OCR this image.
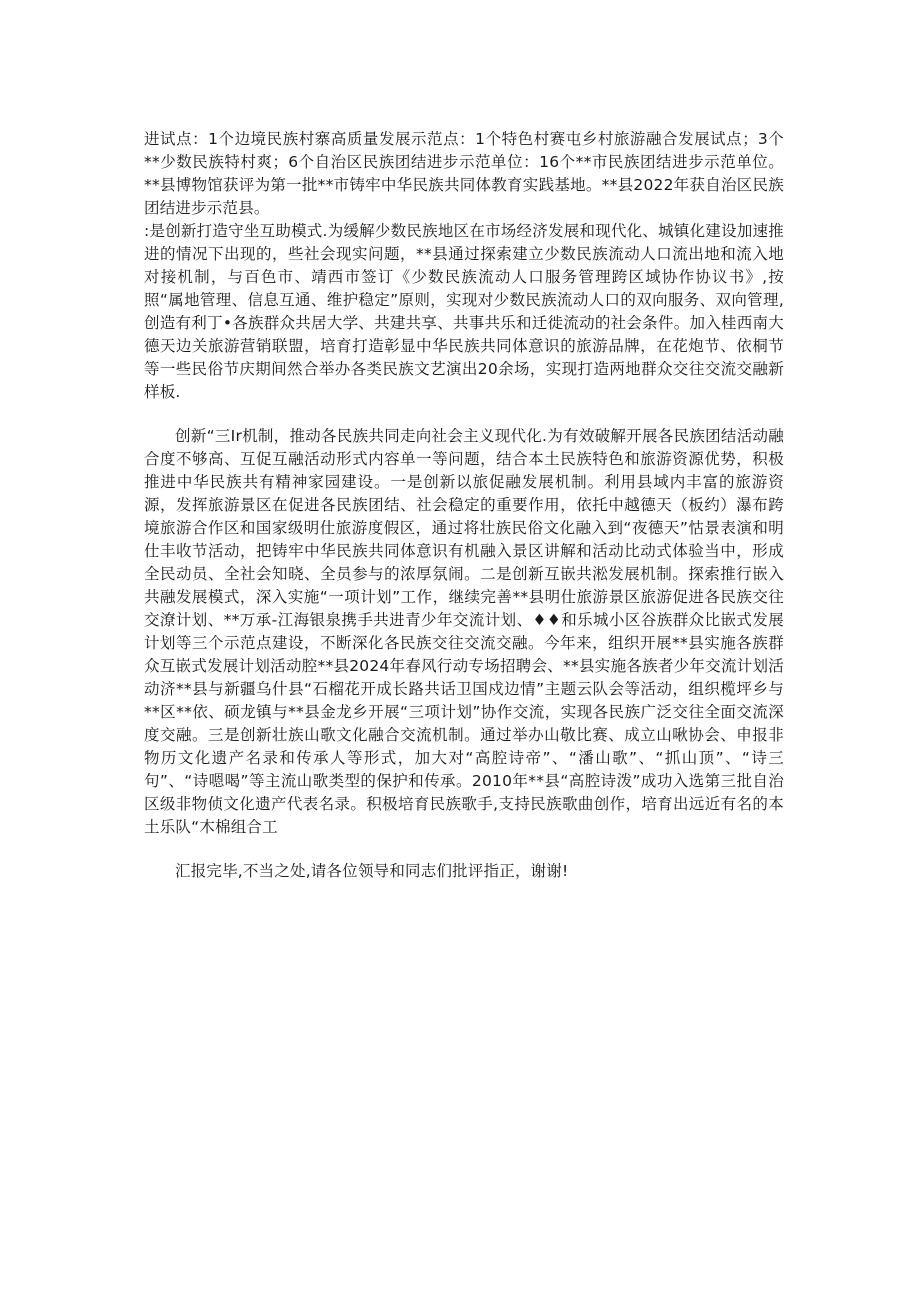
进试点：1个边境民族村寨高质量发展示范点：1个特色村赛屯乡村旅游融合发展试点；3个**少数民族特村爽；6个自治区民族团结进步示范单位：16个**市民族团结进步示范单位。**县博物馆获评为第一批**市铸牢中华民族共同体教育实践基地。**县2022年获自治区民族团结进步示范县。

:是创新打造守坐互助模式.为缓解少数民族地区在市场经济发展和现代化、城镇化建设加速推进的情况下出现的，些社会现实问题，**县通过探索建立少数民族流动人口流出地和流入地对接机制，与百色市、靖西市签订《少数民族流动人口服务管理跨区域协作协议书》,按照“属地管理、信息互通、维护稳定”原则，实现对少数民族流动人口的双向服务、双向管理,创造有利丁•各族群众共居大学、共建共享、共事共乐和迁徙流动的社会条件。加入桂西南大德天边关旅游营销联盟，培育打造彰显中华民族共同体意识的旅游品牌，在花炮节、依桐节等一些民俗节庆期间然合举办各类民族文艺演出20余场，实现打造两地群众交往交流交融新样板.

创新“三Ir机制，推动各民族共同走向社会主义现代化.为有效破解开展各民族团结活动融合度不够高、互促互融活动形式内容单一等问题，结合本土民族特色和旅游资源优势，积极推进中华民族共有精神家园建设。一是创新以旅促融发展机制。利用县域内丰富的旅游资源，发挥旅游景区在促进各民族团结、社会稳定的重要作用，依托中越德天（板约）瀑布跨境旅游合作区和国家级明仕旅游度假区，通过将壮族民俗文化融入到“夜德天”怙景表演和明仕丰收节活动，把铸牢中华民族共同体意识有机融入景区讲解和活动比动式体验当中，形成全民动员、全社会知晓、全员参与的浓厚氛闹。二是创新互嵌共淞发展机制。探索推行嵌入共融发展模式，深入实施“一项计划”工作，继续完善**县明仕旅游景区旅游促进各民族交往交潦计划、**万承-江海银泉携手共进青少年交流计划、♦♦和乐城小区谷族群众比嵌式发展计划等三个示范点建设，不断深化各民族交往交流交融。今年来，组织开展**县实施各族群众互嵌式发展计划活动腔**县2024年春风行动专场招聘会、**县实施各族者少年交流计划活动济**县与新疆乌什县“石榴花开成长路共话卫国戍边情”主题云队会等活动，组织榄坪乡与**区**依、硕龙镇与**县金龙乡开展“三项计划”协作交流，实现各民族广泛交往全面交流深度交融。三是创新壮族山歌文化融合交流机制。通过举办山敬比赛、成立山啾协会、申报非物历文化遗产名录和传承人等形式，加大对“高腔诗帝”、“潘山歌”、“抓山顶”、“诗三句”、“诗嗯喝”等主流山歌类型的保护和传承。2010年**县“高腔诗泼”成功入选第三批自治区级非物侦文化遗产代表名录。积极培育民族歌手,支持民族歌曲创作，培育出远近有名的本土乐队“木棉组合工

汇报完毕,不当之处,请各位领导和同志们批评指正，谢谢!
